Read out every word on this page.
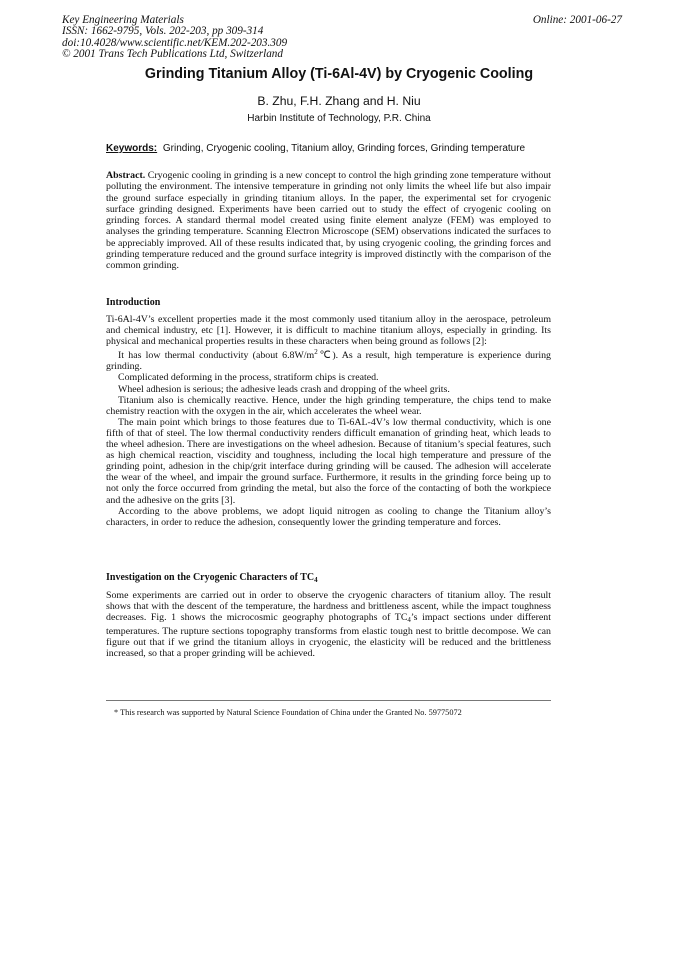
Key Engineering Materials
ISSN: 1662-9795, Vols. 202-203, pp 309-314
doi:10.4028/www.scientific.net/KEM.202-203.309
© 2001 Trans Tech Publications Ltd, Switzerland
Online: 2001-06-27
Grinding Titanium Alloy (Ti-6Al-4V) by Cryogenic Cooling
B. Zhu, F.H. Zhang and H. Niu
Harbin Institute of Technology, P.R. China
Keywords: Grinding, Cryogenic cooling, Titanium alloy, Grinding forces, Grinding temperature

Abstract. Cryogenic cooling in grinding is a new concept to control the high grinding zone temperature without polluting the environment. The intensive temperature in grinding not only limits the wheel life but also impair the ground surface especially in grinding titanium alloys. In the paper, the experimental set for cryogenic surface grinding designed. Experiments have been carried out to study the effect of cryogenic cooling on grinding forces. A standard thermal model created using finite element analyze (FEM) was employed to analyses the grinding temperature. Scanning Electron Microscope (SEM) observations indicated the surfaces to be appreciably improved. All of these results indicated that, by using cryogenic cooling, the grinding forces and grinding temperature reduced and the ground surface integrity is improved distinctly with the comparison of the common grinding.

Introduction

Ti-6Al-4V’s excellent properties made it the most commonly used titanium alloy in the aerospace, petroleum and chemical industry, etc [1]. However, it is difficult to machine titanium alloys, especially in grinding. Its physical and mechanical properties results in these characters when being ground as follows [2]:

It has low thermal conductivity (about $6.8W/m^2℃$). As a result, high temperature is experience during grinding.

Complicated deforming in the process, stratiform chips is created.

Wheel adhesion is serious; the adhesive leads crash and dropping of the wheel grits.

Titanium also is chemically reactive. Hence, under the high grinding temperature, the chips tend to make chemistry reaction with the oxygen in the air, which accelerates the wheel wear.

The main point which brings to those features due to Ti-6AL-4V’s low thermal conductivity, which is one fifth of that of steel. The low thermal conductivity renders difficult emanation of grinding heat, which leads to the wheel adhesion. There are investigations on the wheel adhesion. Because of titanium’s special features, such as high chemical reaction, viscidity and toughness, including the local high temperature and pressure of the grinding point, adhesion in the chip/grit interface during grinding will be caused. The adhesion will accelerate the wear of the wheel, and impair the ground surface. Furthermore, it results in the grinding force being up to not only the force occurred from grinding the metal, but also the force of the contacting of both the workpiece and the adhesive on the grits [3].

According to the above problems, we adopt liquid nitrogen as cooling to change the Titanium alloy’s characters, in order to reduce the adhesion, consequently lower the grinding temperature and forces.

Investigation on the Cryogenic Characters of $TC_4$

Some experiments are carried out in order to observe the cryogenic characters of titanium alloy. The result shows that with the descent of the temperature, the hardness and brittleness ascent, while the impact toughness decreases. Fig. 1 shows the microcosmic geography photographs of $TC_4’s$ impact sections under different temperatures. The rupture sections topography transforms from elastic tough nest to brittle decompose. We can figure out that if we grind the titanium alloys in cryogenic, the elasticity will be reduced and the brittleness increased, so that a proper grinding will be achieved.

* This research was supported by Natural Science Foundation of China under the Granted No. 59775072
